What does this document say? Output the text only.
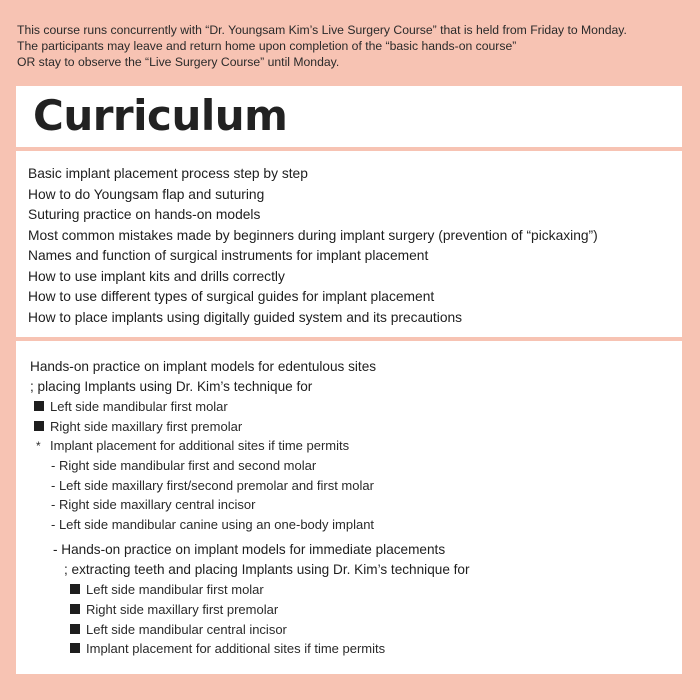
This course runs concurrently with “Dr. Youngsam Kim’s Live Surgery Course” that is held from Friday to Monday.
The participants may leave and return home upon completion of the “basic hands-on course”
OR stay to observe the “Live Surgery Course” until Monday.
Curriculum
Basic implant placement process step by step
How to do Youngsam flap and suturing
Suturing practice on hands-on models
Most common mistakes made by beginners during implant surgery (prevention of “pickaxing”)
Names and function of surgical instruments for implant placement
How to use implant kits and drills correctly
How to use different types of surgical guides for implant placement
How to place implants using digitally guided system and its precautions
Hands-on practice on implant models for edentulous sites
; placing Implants using Dr. Kim’s technique for
Left side mandibular first molar
Right side maxillary first premolar
* Implant placement for additional sites if time permits
- Right side mandibular first and second molar
- Left side maxillary first/second premolar and first molar
- Right side maxillary central incisor
- Left side mandibular canine using an one-body implant
- Hands-on practice on implant models for immediate placements
; extracting teeth and placing Implants using Dr. Kim’s technique for
Left side mandibular first molar
Right side maxillary first premolar
Left side mandibular central incisor
Implant placement for additional sites if time permits
